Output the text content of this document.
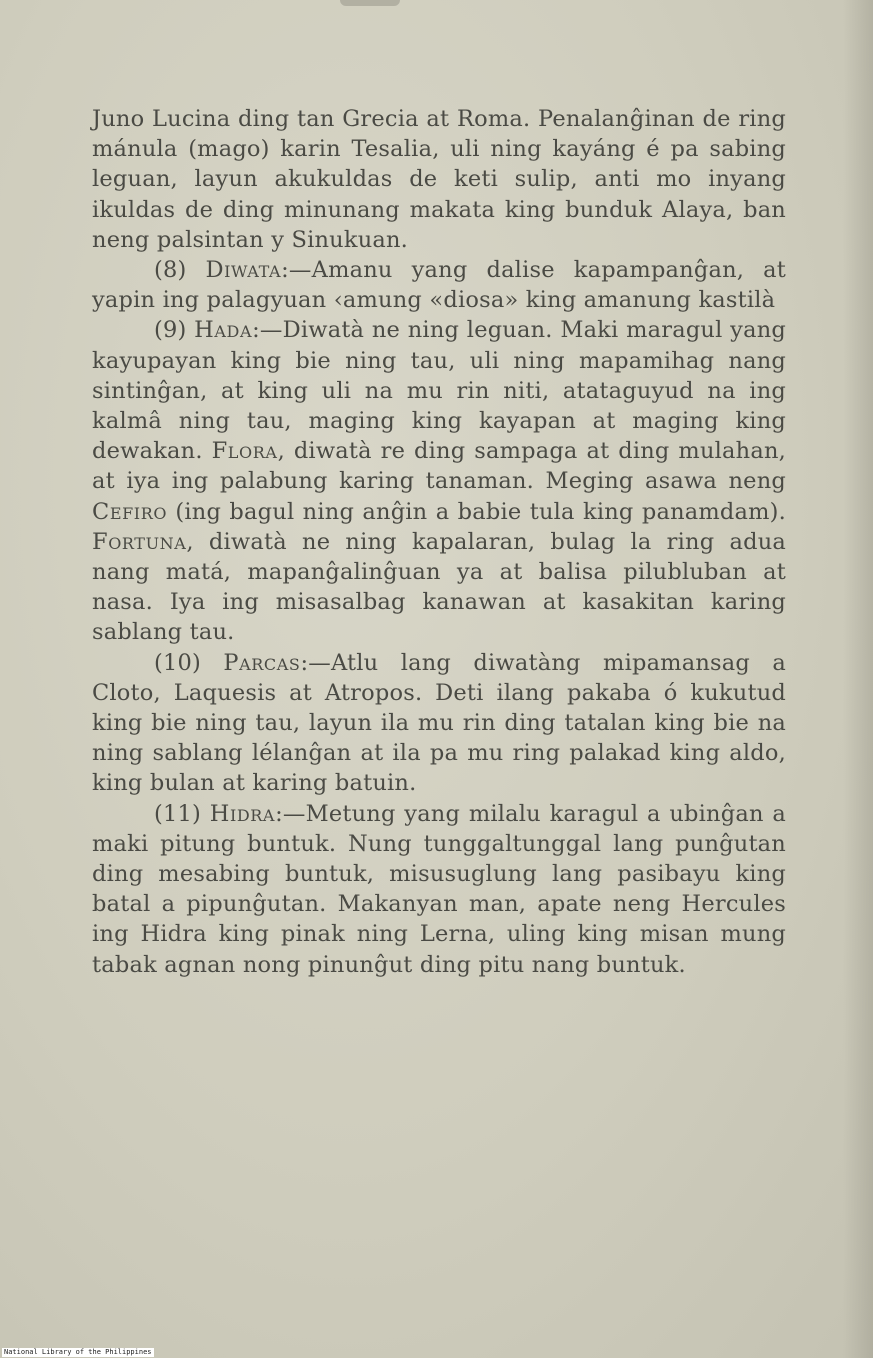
Juno Lucina ding tan Grecia at Roma. Penalanĝinan de ring mánula (mago) karin Tesalia, uli ning kayáng é pa sabing leguan, layun akukuldas de keti sulip, anti mo inyang ikuldas de ding minunang makata king bunduk Alaya, ban neng palsintan y Sinukuan.

(8) Diwata:—Amanu yang dalise kapampanĝan, at yapin ing palagyuan ‹amung «diosa» king amanung kastilà

(9) Hada:—Diwatà ne ning leguan. Maki maragul yang kayupayan king bie ning tau, uli ning mapamihag nang sintinĝan, at king uli na mu rin niti, atataguyud na ing kalmâ ning tau, maging king kayapan at maging king dewakan. Flora, diwatà re ding sampaga at ding mulahan, at iya ing palabung karing tanaman. Meging asawa neng Cefiro (ing bagul ning anĝin a babie tula king panamdam). Fortuna, diwatà ne ning kapalaran, bulag la ring adua nang matá, mapanĝalinĝuan ya at balisa pilubluban at nasa. Iya ing misasalbag kanawan at kasakitan karing sablang tau.

(10) Parcas:—Atlu lang diwatàng mipamansag a Cloto, Laquesis at Atropos. Deti ilang pakaba ó kukutud king bie ning tau, layun ila mu rin ding tatalan king bie na ning sablang lélanĝan at ila pa mu ring palakad king aldo, king bulan at karing batuin.

(11) Hidra:—Metung yang milalu karagul a ubinĝan a maki pitung buntuk. Nung tunggaltunggal lang punĝutan ding mesabing buntuk, misusuglung lang pasibayu king batal a pipunĝutan. Makanyan man, apate neng Hercules ing Hidra king pinak ning Lerna, uling king misan mung tabak agnan nong pinunĝut ding pitu nang buntuk.

National Library of the Philippines
